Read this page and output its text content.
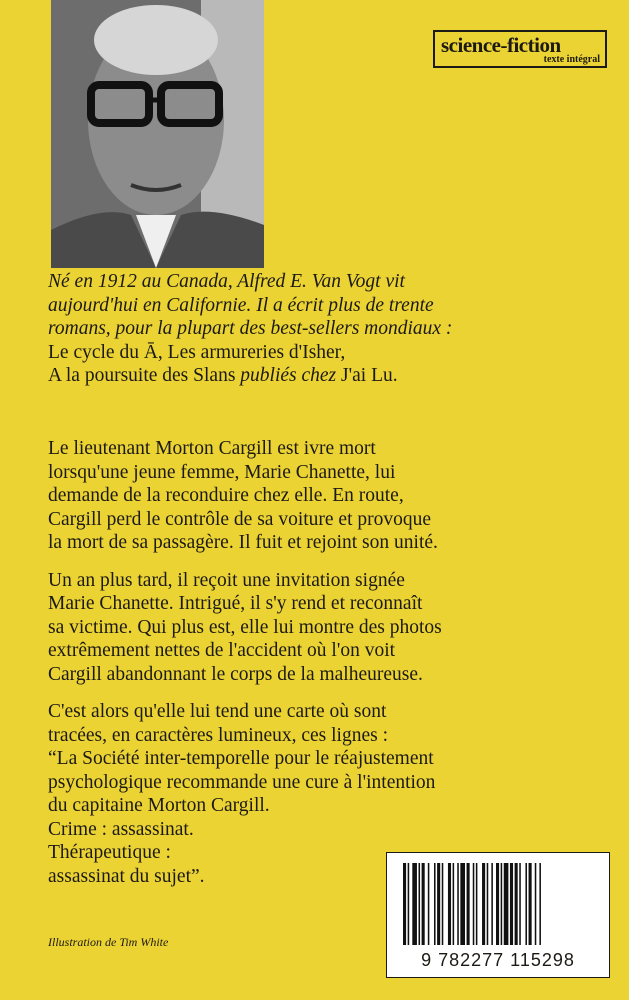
science-fiction
texte intégral
Né en 1912 au Canada, Alfred E. Van Vogt vit
aujourd'hui en Californie. Il a écrit plus de trente
romans, pour la plupart des best-sellers mondiaux :
Le cycle du Ā, Les armureries d'Isher,
A la poursuite des Slans publiés chez J'ai Lu.

Le lieutenant Morton Cargill est ivre mort
lorsqu'une jeune femme, Marie Chanette, lui
demande de la reconduire chez elle. En route,
Cargill perd le contrôle de sa voiture et provoque
la mort de sa passagère. Il fuit et rejoint son unité.

Un an plus tard, il reçoit une invitation signée
Marie Chanette. Intrigué, il s'y rend et reconnaît
sa victime. Qui plus est, elle lui montre des photos
extrêmement nettes de l'accident où l'on voit
Cargill abandonnant le corps de la malheureuse.

C'est alors qu'elle lui tend une carte où sont
tracées, en caractères lumineux, ces lignes :
“La Société inter-temporelle pour le réajustement
psychologique recommande une cure à l'intention
du capitaine Morton Cargill.
Crime : assassinat.
Thérapeutique :
assassinat du sujet”.

Illustration de Tim White
9 782277 115298
